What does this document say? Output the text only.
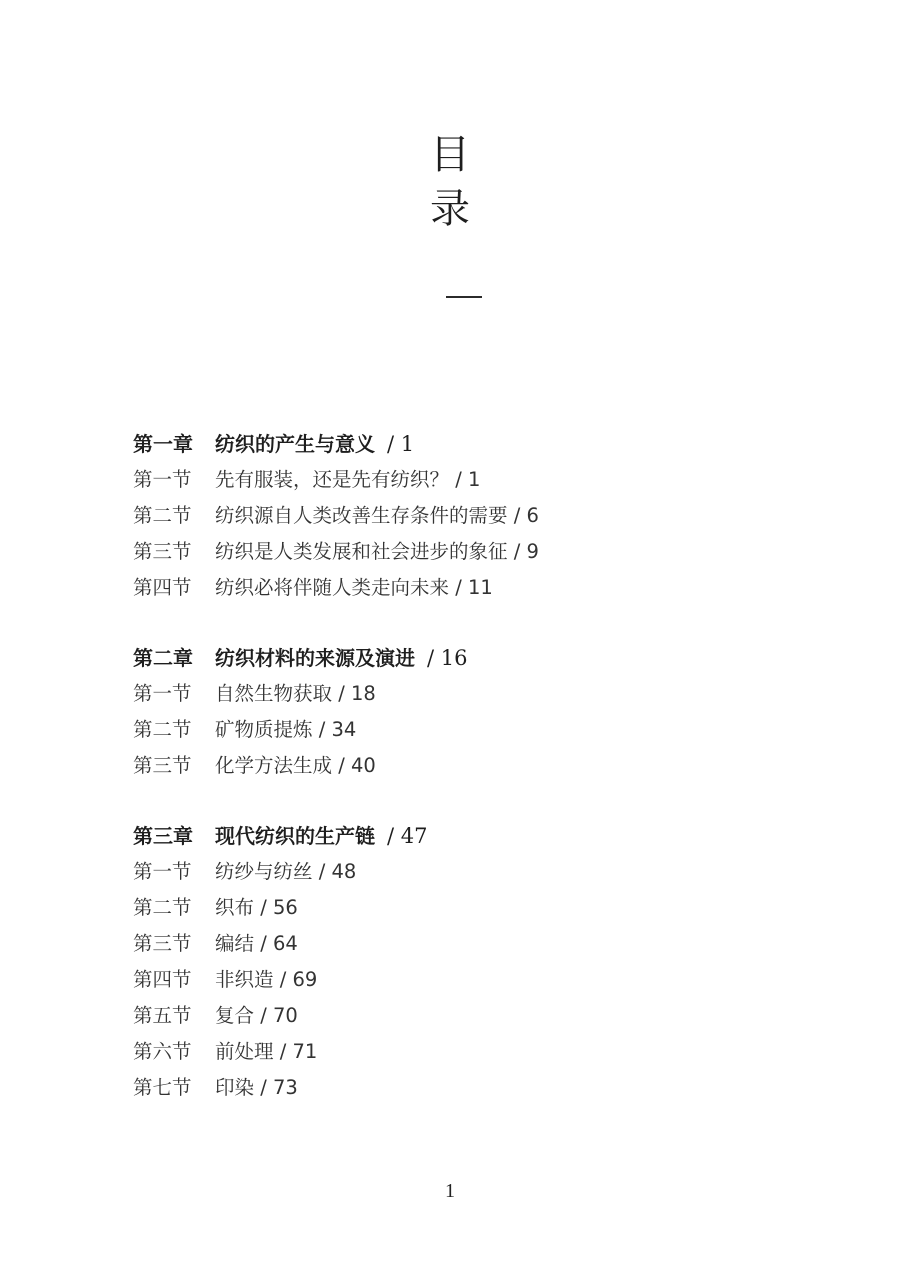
目
录
第一章	纺织的产生与意义 / 1
第一节	先有服装，还是先有纺织？ / 1
第二节	纺织源自人类改善生存条件的需要 / 6
第三节	纺织是人类发展和社会进步的象征 / 9
第四节	纺织必将伴随人类走向未来 / 11
第二章	纺织材料的来源及演进 / 16
第一节	自然生物获取 / 18
第二节	矿物质提炼 / 34
第三节	化学方法生成 / 40
第三章	现代纺织的生产链 / 47
第一节	纺纱与纺丝 / 48
第二节	织布 / 56
第三节	编结 / 64
第四节	非织造 / 69
第五节	复合 / 70
第六节	前处理 / 71
第七节	印染 / 73
1
